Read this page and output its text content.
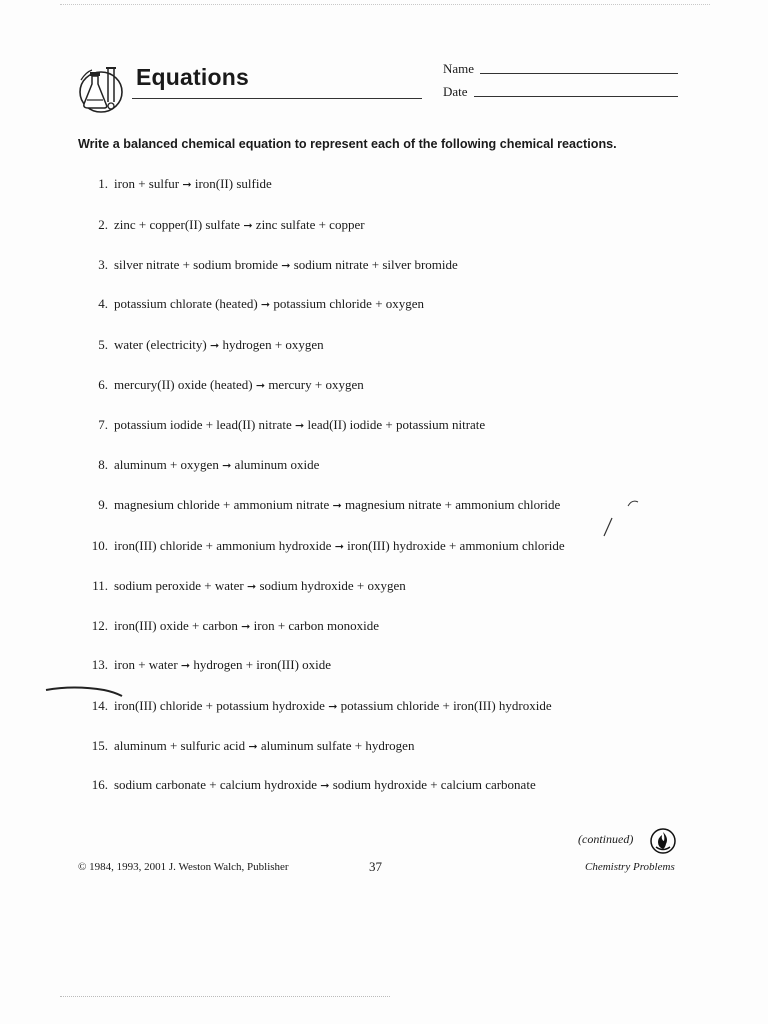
Equations	Name
Date
Write a balanced chemical equation to represent each of the following chemical reactions.
1. iron + sulfur ➞ iron(II) sulfide
2. zinc + copper(II) sulfate ➞ zinc sulfate + copper
3. silver nitrate + sodium bromide ➞ sodium nitrate + silver bromide
4. potassium chlorate (heated) ➞ potassium chloride + oxygen
5. water (electricity) ➞ hydrogen + oxygen
6. mercury(II) oxide (heated) ➞ mercury + oxygen
7. potassium iodide + lead(II) nitrate ➞ lead(II) iodide + potassium nitrate
8. aluminum + oxygen ➞ aluminum oxide
9. magnesium chloride + ammonium nitrate ➞ magnesium nitrate + ammonium chloride
10. iron(III) chloride + ammonium hydroxide ➞ iron(III) hydroxide + ammonium chloride
11. sodium peroxide + water ➞ sodium hydroxide + oxygen
12. iron(III) oxide + carbon ➞ iron + carbon monoxide
13. iron + water ➞ hydrogen + iron(III) oxide
14. iron(III) chloride + potassium hydroxide ➞ potassium chloride + iron(III) hydroxide
15. aluminum + sulfuric acid ➞ aluminum sulfate + hydrogen
16. sodium carbonate + calcium hydroxide ➞ sodium hydroxide + calcium carbonate
(continued)
© 1984, 1993, 2001 J. Weston Walch, Publisher	37	Chemistry Problems
